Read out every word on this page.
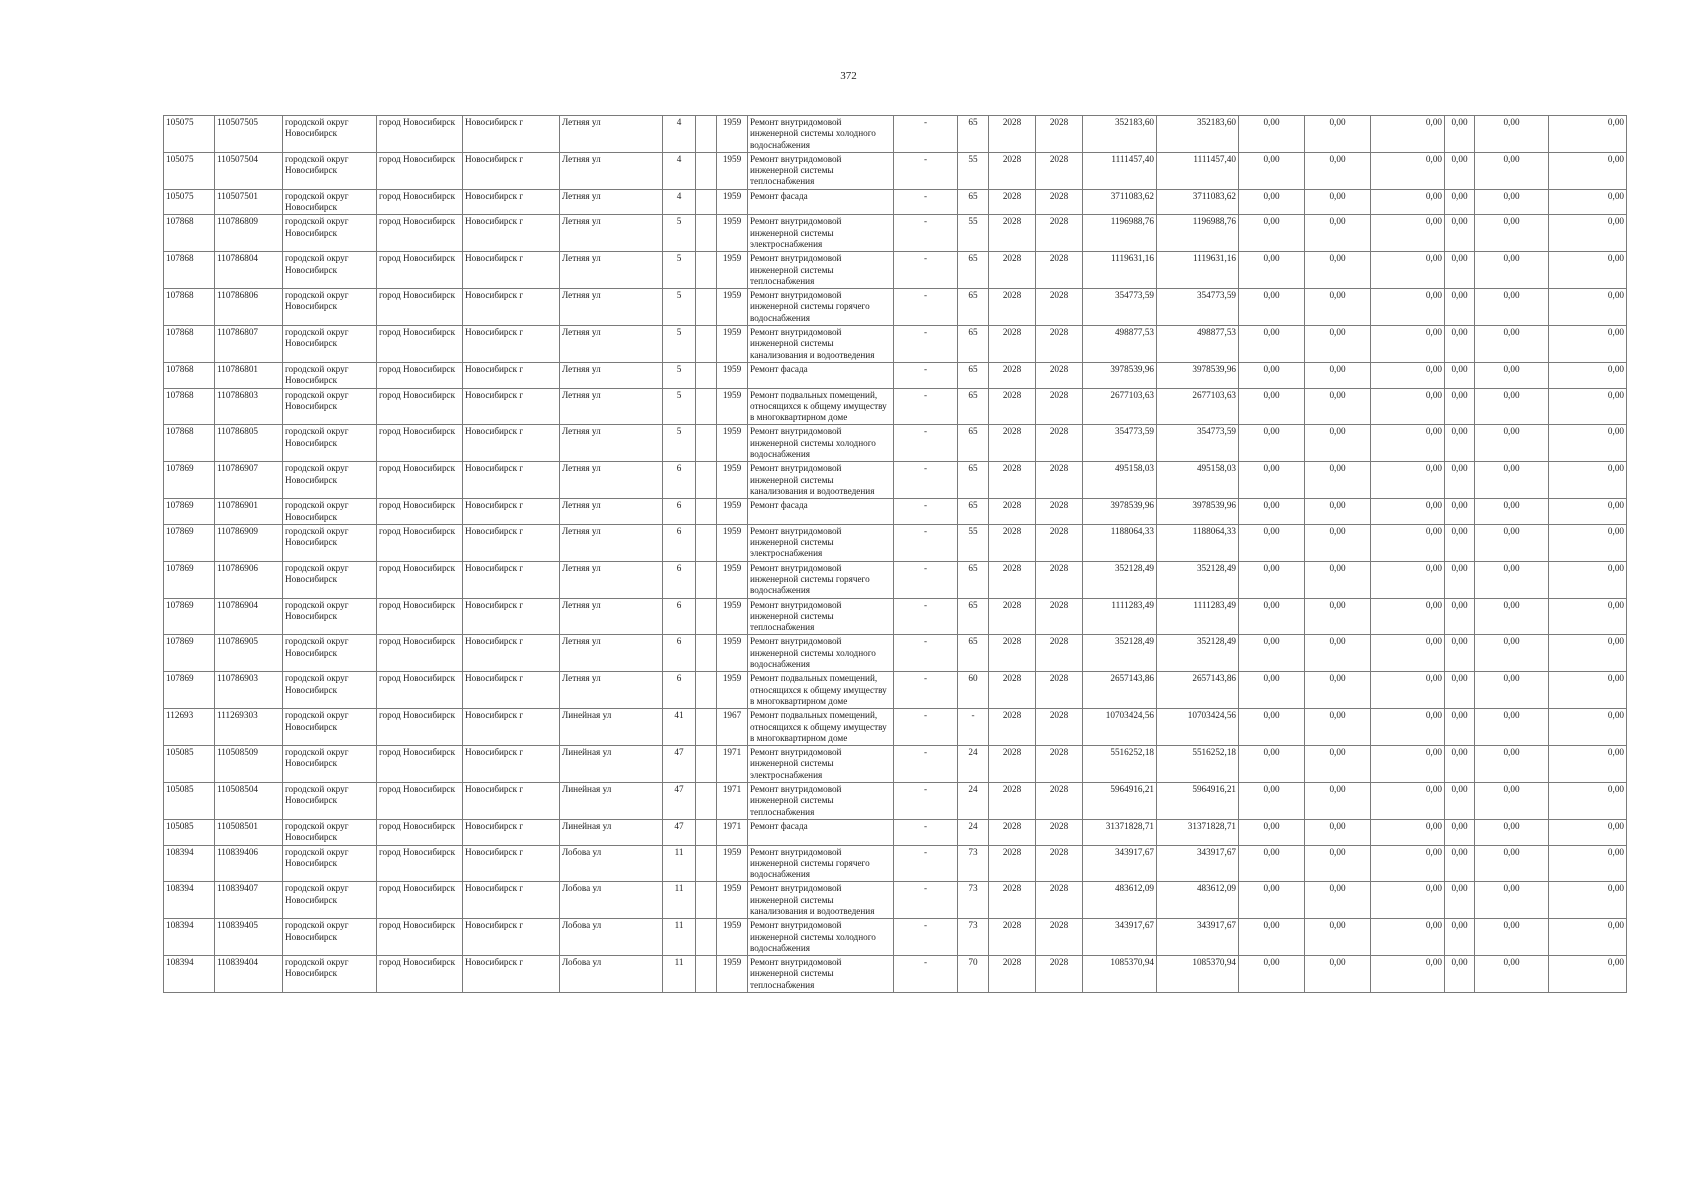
372
105075	110507505	городской округ Новосибирск	город Новосибирск	Новосибирск г	Летняя ул	4		1959	Ремонт внутридомовой инженерной системы холодного водоснабжения	-	65	2028	2028	352183,60	352183,60	0,00	0,00	0,00	0,00	0,00	0,00
105075	110507504	городской округ Новосибирск	город Новосибирск	Новосибирск г	Летняя ул	4		1959	Ремонт внутридомовой инженерной системы теплоснабжения	-	55	2028	2028	1111457,40	1111457,40	0,00	0,00	0,00	0,00	0,00	0,00
105075	110507501	городской округ Новосибирск	город Новосибирск	Новосибирск г	Летняя ул	4		1959	Ремонт фасада	-	65	2028	2028	3711083,62	3711083,62	0,00	0,00	0,00	0,00	0,00	0,00
107868	110786809	городской округ Новосибирск	город Новосибирск	Новосибирск г	Летняя ул	5		1959	Ремонт внутридомовой инженерной системы электроснабжения	-	55	2028	2028	1196988,76	1196988,76	0,00	0,00	0,00	0,00	0,00	0,00
107868	110786804	городской округ Новосибирск	город Новосибирск	Новосибирск г	Летняя ул	5		1959	Ремонт внутридомовой инженерной системы теплоснабжения	-	65	2028	2028	1119631,16	1119631,16	0,00	0,00	0,00	0,00	0,00	0,00
107868	110786806	городской округ Новосибирск	город Новосибирск	Новосибирск г	Летняя ул	5		1959	Ремонт внутридомовой инженерной системы горячего водоснабжения	-	65	2028	2028	354773,59	354773,59	0,00	0,00	0,00	0,00	0,00	0,00
107868	110786807	городской округ Новосибирск	город Новосибирск	Новосибирск г	Летняя ул	5		1959	Ремонт внутридомовой инженерной системы канализования и водоотведения	-	65	2028	2028	498877,53	498877,53	0,00	0,00	0,00	0,00	0,00	0,00
107868	110786801	городской округ Новосибирск	город Новосибирск	Новосибирск г	Летняя ул	5		1959	Ремонт фасада	-	65	2028	2028	3978539,96	3978539,96	0,00	0,00	0,00	0,00	0,00	0,00
107868	110786803	городской округ Новосибирск	город Новосибирск	Новосибирск г	Летняя ул	5		1959	Ремонт подвальных помещений, относящихся к общему имуществу в многоквартирном доме	-	65	2028	2028	2677103,63	2677103,63	0,00	0,00	0,00	0,00	0,00	0,00
107868	110786805	городской округ Новосибирск	город Новосибирск	Новосибирск г	Летняя ул	5		1959	Ремонт внутридомовой инженерной системы холодного водоснабжения	-	65	2028	2028	354773,59	354773,59	0,00	0,00	0,00	0,00	0,00	0,00
107869	110786907	городской округ Новосибирск	город Новосибирск	Новосибирск г	Летняя ул	6		1959	Ремонт внутридомовой инженерной системы канализования и водоотведения	-	65	2028	2028	495158,03	495158,03	0,00	0,00	0,00	0,00	0,00	0,00
107869	110786901	городской округ Новосибирск	город Новосибирск	Новосибирск г	Летняя ул	6		1959	Ремонт фасада	-	65	2028	2028	3978539,96	3978539,96	0,00	0,00	0,00	0,00	0,00	0,00
107869	110786909	городской округ Новосибирск	город Новосибирск	Новосибирск г	Летняя ул	6		1959	Ремонт внутридомовой инженерной системы электроснабжения	-	55	2028	2028	1188064,33	1188064,33	0,00	0,00	0,00	0,00	0,00	0,00
107869	110786906	городской округ Новосибирск	город Новосибирск	Новосибирск г	Летняя ул	6		1959	Ремонт внутридомовой инженерной системы горячего водоснабжения	-	65	2028	2028	352128,49	352128,49	0,00	0,00	0,00	0,00	0,00	0,00
107869	110786904	городской округ Новосибирск	город Новосибирск	Новосибирск г	Летняя ул	6		1959	Ремонт внутридомовой инженерной системы теплоснабжения	-	65	2028	2028	1111283,49	1111283,49	0,00	0,00	0,00	0,00	0,00	0,00
107869	110786905	городской округ Новосибирск	город Новосибирск	Новосибирск г	Летняя ул	6		1959	Ремонт внутридомовой инженерной системы холодного водоснабжения	-	65	2028	2028	352128,49	352128,49	0,00	0,00	0,00	0,00	0,00	0,00
107869	110786903	городской округ Новосибирск	город Новосибирск	Новосибирск г	Летняя ул	6		1959	Ремонт подвальных помещений, относящихся к общему имуществу в многоквартирном доме	-	60	2028	2028	2657143,86	2657143,86	0,00	0,00	0,00	0,00	0,00	0,00
112693	111269303	городской округ Новосибирск	город Новосибирск	Новосибирск г	Линейная ул	41		1967	Ремонт подвальных помещений, относящихся к общему имуществу в многоквартирном доме	-	-	2028	2028	10703424,56	10703424,56	0,00	0,00	0,00	0,00	0,00	0,00
105085	110508509	городской округ Новосибирск	город Новосибирск	Новосибирск г	Линейная ул	47		1971	Ремонт внутридомовой инженерной системы электроснабжения	-	24	2028	2028	5516252,18	5516252,18	0,00	0,00	0,00	0,00	0,00	0,00
105085	110508504	городской округ Новосибирск	город Новосибирск	Новосибирск г	Линейная ул	47		1971	Ремонт внутридомовой инженерной системы теплоснабжения	-	24	2028	2028	5964916,21	5964916,21	0,00	0,00	0,00	0,00	0,00	0,00
105085	110508501	городской округ Новосибирск	город Новосибирск	Новосибирск г	Линейная ул	47		1971	Ремонт фасада	-	24	2028	2028	31371828,71	31371828,71	0,00	0,00	0,00	0,00	0,00	0,00
108394	110839406	городской округ Новосибирск	город Новосибирск	Новосибирск г	Лобова ул	11		1959	Ремонт внутридомовой инженерной системы горячего водоснабжения	-	73	2028	2028	343917,67	343917,67	0,00	0,00	0,00	0,00	0,00	0,00
108394	110839407	городской округ Новосибирск	город Новосибирск	Новосибирск г	Лобова ул	11		1959	Ремонт внутридомовой инженерной системы канализования и водоотведения	-	73	2028	2028	483612,09	483612,09	0,00	0,00	0,00	0,00	0,00	0,00
108394	110839405	городской округ Новосибирск	город Новосибирск	Новосибирск г	Лобова ул	11		1959	Ремонт внутридомовой инженерной системы холодного водоснабжения	-	73	2028	2028	343917,67	343917,67	0,00	0,00	0,00	0,00	0,00	0,00
108394	110839404	городской округ Новосибирск	город Новосибирск	Новосибирск г	Лобова ул	11		1959	Ремонт внутридомовой инженерной системы теплоснабжения	-	70	2028	2028	1085370,94	1085370,94	0,00	0,00	0,00	0,00	0,00	0,00
